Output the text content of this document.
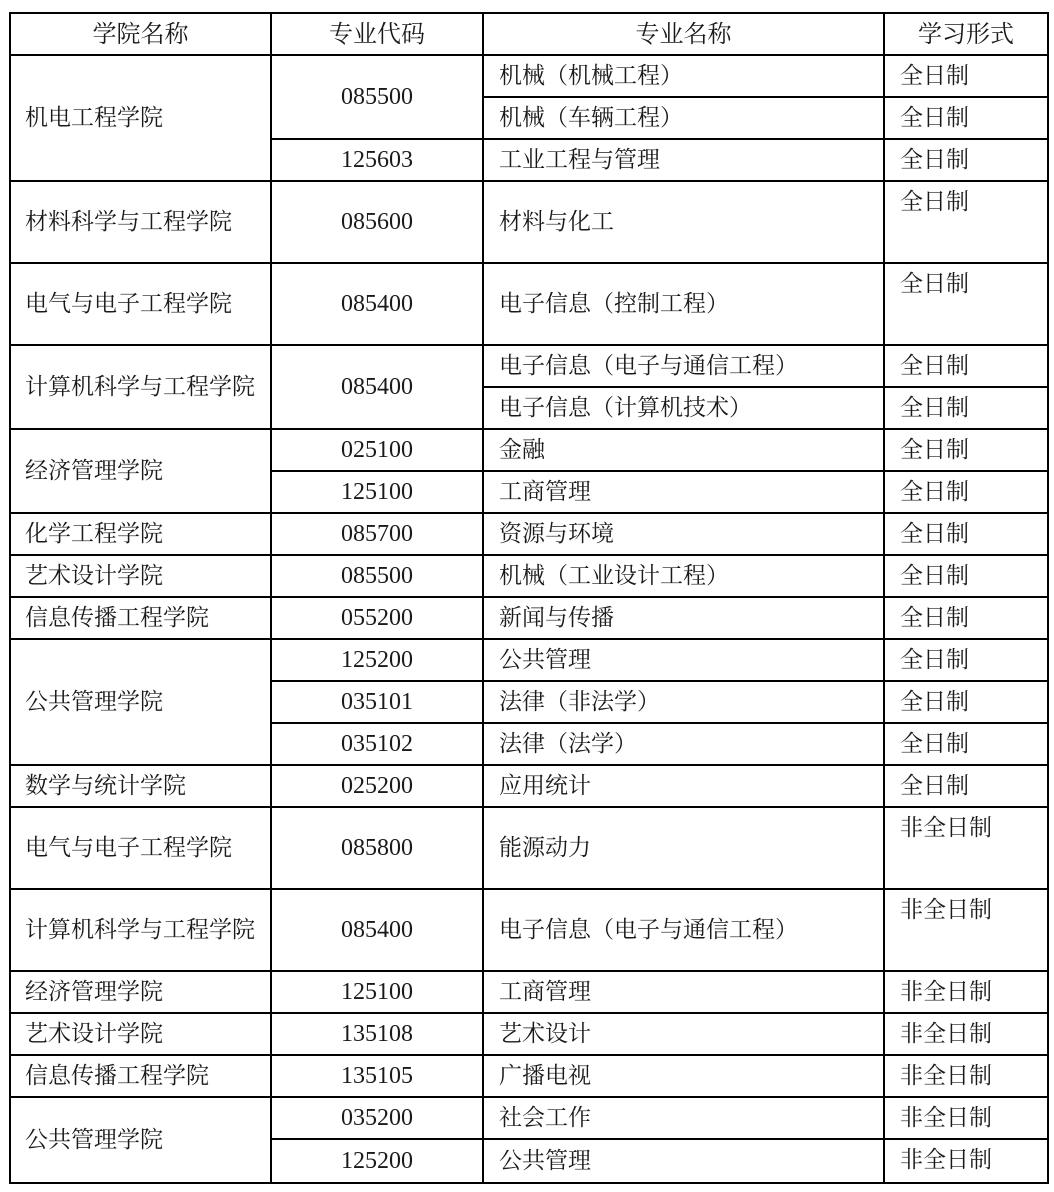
学院名称	专业代码	专业名称	学习形式
机电工程学院	085500	机械（机械工程）	全日制
		机械（车辆工程）	全日制
	125603	工业工程与管理	全日制
材料科学与工程学院	085600	材料与化工	全日制
电气与电子工程学院	085400	电子信息（控制工程）	全日制
计算机科学与工程学院	085400	电子信息（电子与通信工程）	全日制
		电子信息（计算机技术）	全日制
经济管理学院	025100	金融	全日制
	125100	工商管理	全日制
化学工程学院	085700	资源与环境	全日制
艺术设计学院	085500	机械（工业设计工程）	全日制
信息传播工程学院	055200	新闻与传播	全日制
公共管理学院	125200	公共管理	全日制
	035101	法律（非法学）	全日制
	035102	法律（法学）	全日制
数学与统计学院	025200	应用统计	全日制
电气与电子工程学院	085800	能源动力	非全日制
计算机科学与工程学院	085400	电子信息（电子与通信工程）	非全日制
经济管理学院	125100	工商管理	非全日制
艺术设计学院	135108	艺术设计	非全日制
信息传播工程学院	135105	广播电视	非全日制
公共管理学院	035200	社会工作	非全日制
	125200	公共管理	非全日制
